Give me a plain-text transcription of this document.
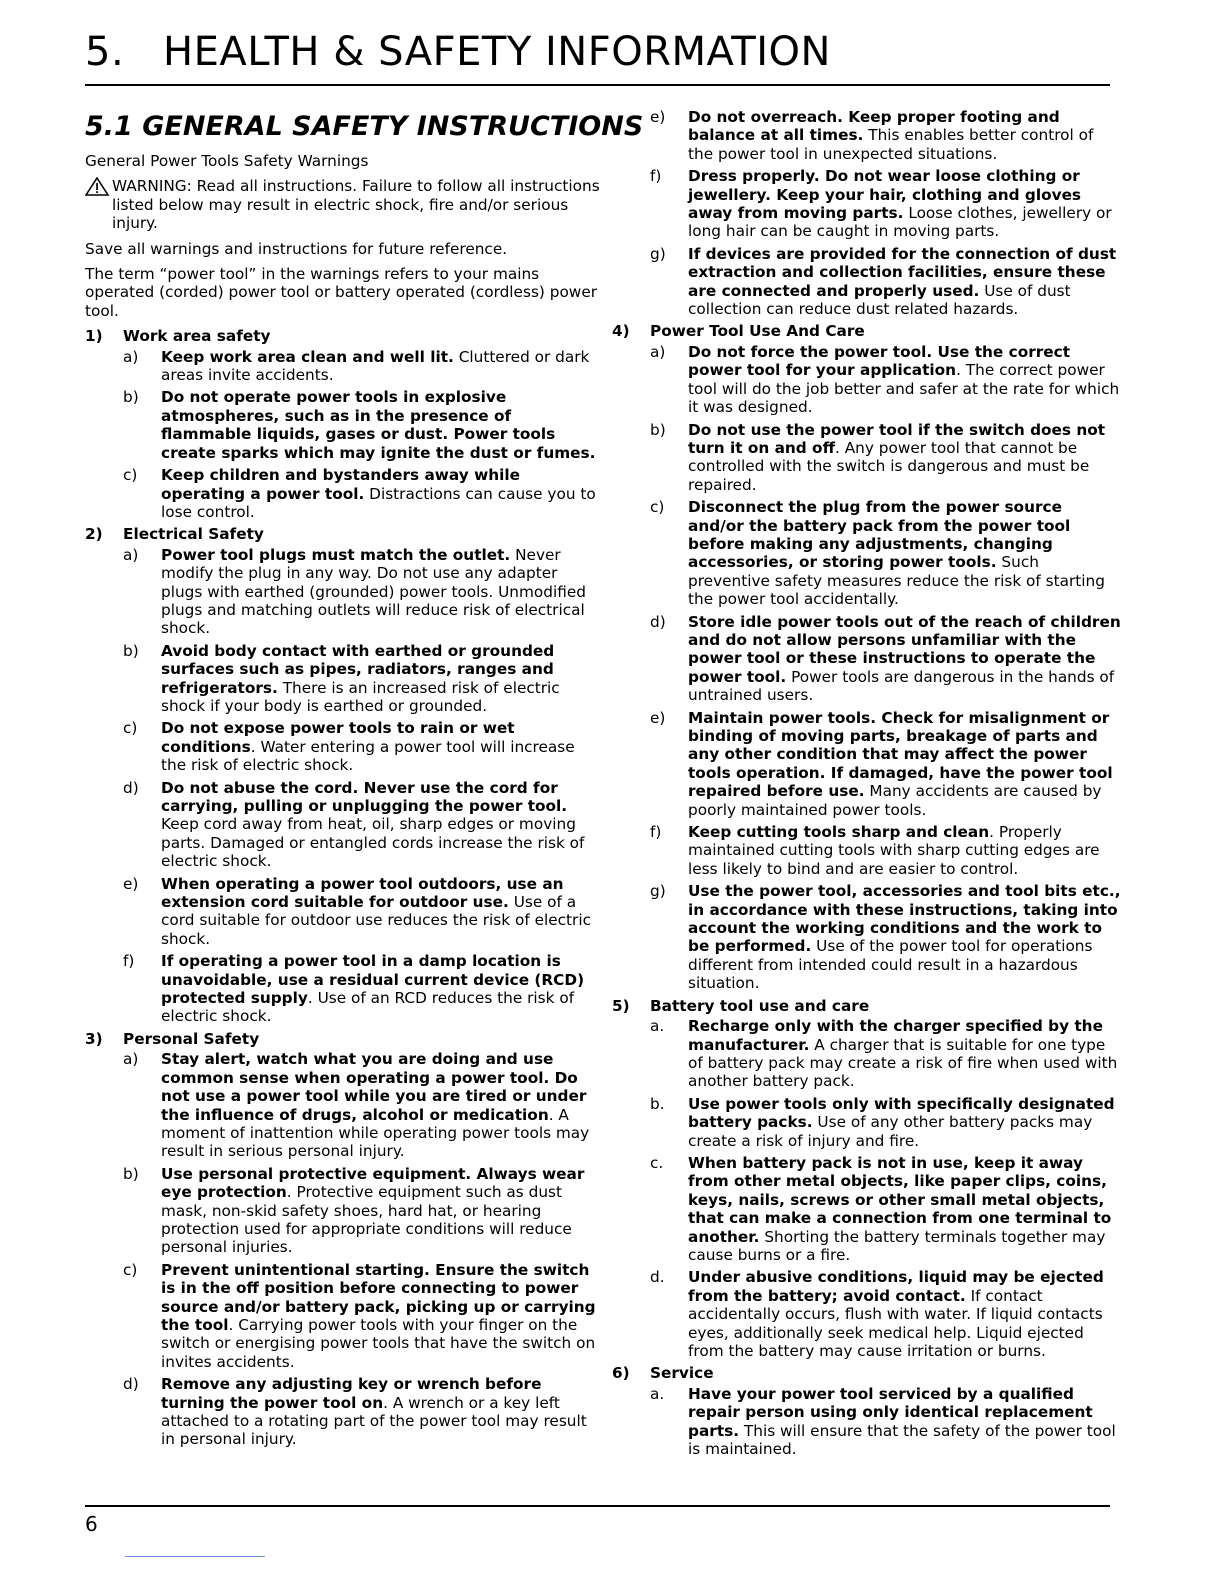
5. HEALTH & SAFETY INFORMATION
5.1 GENERAL SAFETY INSTRUCTIONS

General Power Tools Safety Warnings

WARNING: Read all instructions. Failure to follow all instructions listed below may result in electric shock, fire and/or serious injury.

Save all warnings and instructions for future reference.

The term “power tool” in the warnings refers to your mains operated (corded) power tool or battery operated (cordless) power tool.

1)	Work area safety
a)	Keep work area clean and well lit. Cluttered or dark areas invite accidents.
b)	Do not operate power tools in explosive atmospheres, such as in the presence of flammable liquids, gases or dust. Power tools create sparks which may ignite the dust or fumes.
c)	Keep children and bystanders away while operating a power tool. Distractions can cause you to lose control.
2)	Electrical Safety
a)	Power tool plugs must match the outlet. Never modify the plug in any way. Do not use any adapter plugs with earthed (grounded) power tools. Unmodified plugs and matching outlets will reduce risk of electrical shock.
b)	Avoid body contact with earthed or grounded surfaces such as pipes, radiators, ranges and refrigerators. There is an increased risk of electric shock if your body is earthed or grounded.
c)	Do not expose power tools to rain or wet conditions. Water entering a power tool will increase the risk of electric shock.
d)	Do not abuse the cord. Never use the cord for carrying, pulling or unplugging the power tool. Keep cord away from heat, oil, sharp edges or moving parts. Damaged or entangled cords increase the risk of electric shock.
e)	When operating a power tool outdoors, use an extension cord suitable for outdoor use. Use of a cord suitable for outdoor use reduces the risk of electric shock.
f)	If operating a power tool in a damp location is unavoidable, use a residual current device (RCD) protected supply. Use of an RCD reduces the risk of electric shock.
3)	Personal Safety
a)	Stay alert, watch what you are doing and use common sense when operating a power tool. Do not use a power tool while you are tired or under the influence of drugs, alcohol or medication. A moment of inattention while operating power tools may result in serious personal injury.
b)	Use personal protective equipment. Always wear eye protection. Protective equipment such as dust mask, non-skid safety shoes, hard hat, or hearing protection used for appropriate conditions will reduce personal injuries.
c)	Prevent unintentional starting. Ensure the switch is in the off position before connecting to power source and/or battery pack, picking up or carrying the tool. Carrying power tools with your finger on the switch or energising power tools that have the switch on invites accidents.
d)	Remove any adjusting key or wrench before turning the power tool on. A wrench or a key left attached to a rotating part of the power tool may result in personal injury.
e)	Do not overreach. Keep proper footing and balance at all times. This enables better control of the power tool in unexpected situations.
f)	Dress properly. Do not wear loose clothing or jewellery. Keep your hair, clothing and gloves away from moving parts. Loose clothes, jewellery or long hair can be caught in moving parts.
g)	If devices are provided for the connection of dust extraction and collection facilities, ensure these are connected and properly used. Use of dust collection can reduce dust related hazards.
4)	Power Tool Use And Care
a)	Do not force the power tool. Use the correct power tool for your application. The correct power tool will do the job better and safer at the rate for which it was designed.
b)	Do not use the power tool if the switch does not turn it on and off. Any power tool that cannot be controlled with the switch is dangerous and must be repaired.
c)	Disconnect the plug from the power source and/or the battery pack from the power tool before making any adjustments, changing accessories, or storing power tools. Such preventive safety measures reduce the risk of starting the power tool accidentally.
d)	Store idle power tools out of the reach of children and do not allow persons unfamiliar with the power tool or these instructions to operate the power tool. Power tools are dangerous in the hands of untrained users.
e)	Maintain power tools. Check for misalignment or binding of moving parts, breakage of parts and any other condition that may affect the power tools operation. If damaged, have the power tool repaired before use. Many accidents are caused by poorly maintained power tools.
f)	Keep cutting tools sharp and clean. Properly maintained cutting tools with sharp cutting edges are less likely to bind and are easier to control.
g)	Use the power tool, accessories and tool bits etc., in accordance with these instructions, taking into account the working conditions and the work to be performed. Use of the power tool for operations different from intended could result in a hazardous situation.
5)	Battery tool use and care
a.	Recharge only with the charger specified by the manufacturer. A charger that is suitable for one type of battery pack may create a risk of fire when used with another battery pack.
b.	Use power tools only with specifically designated battery packs. Use of any other battery packs may create a risk of injury and fire.
c.	When battery pack is not in use, keep it away from other metal objects, like paper clips, coins, keys, nails, screws or other small metal objects, that can make a connection from one terminal to another. Shorting the battery terminals together may cause burns or a fire.
d.	Under abusive conditions, liquid may be ejected from the battery; avoid contact. If contact accidentally occurs, flush with water. If liquid contacts eyes, additionally seek medical help. Liquid ejected from the battery may cause irritation or burns.
6)	Service
a.	Have your power tool serviced by a qualified repair person using only identical replacement parts. This will ensure that the safety of the power tool is maintained.
6
